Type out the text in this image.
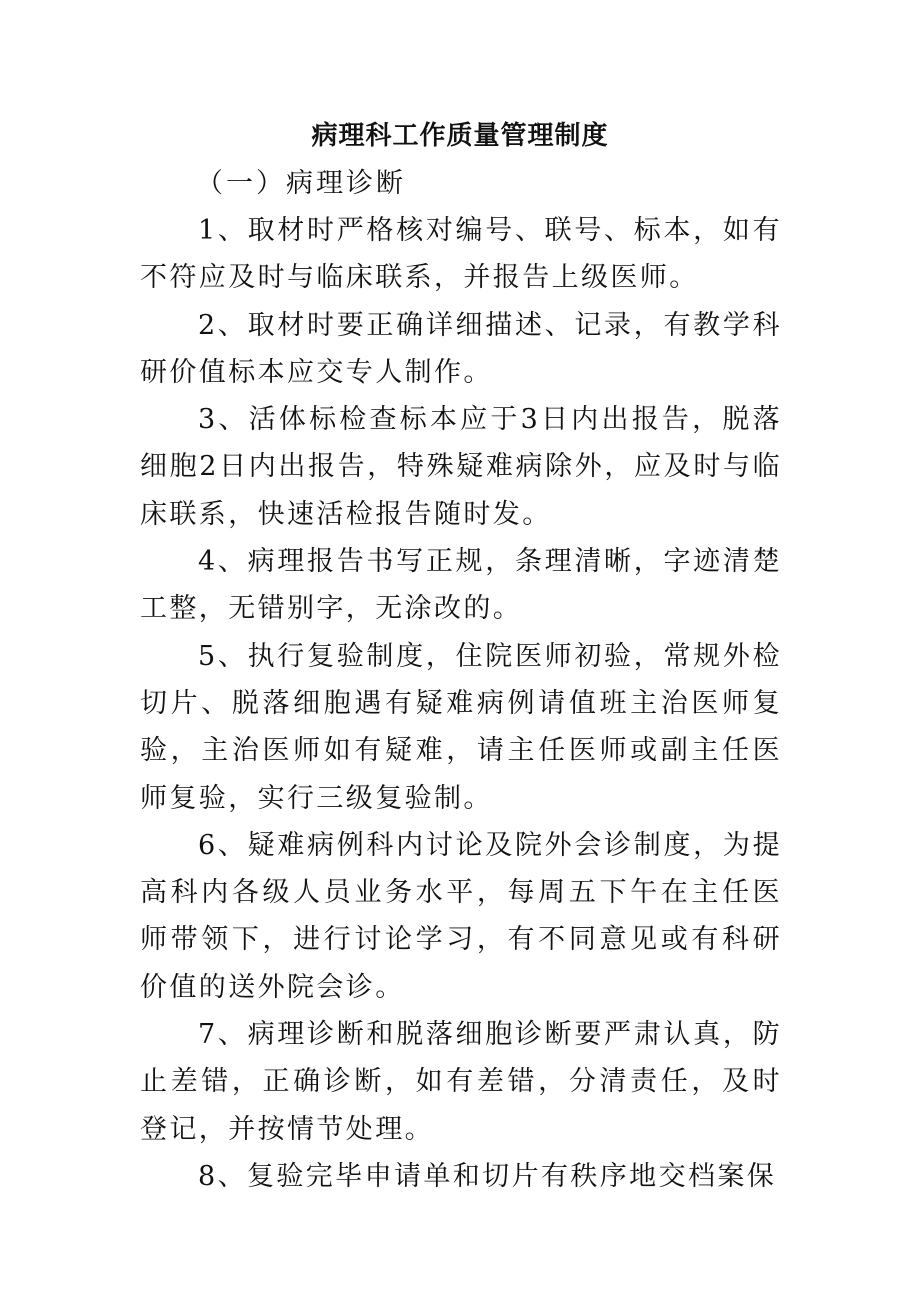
病理科工作质量管理制度
（一）病理诊断

1、取材时严格核对编号、联号、标本，如有不符应及时与临床联系，并报告上级医师。

2、取材时要正确详细描述、记录，有教学科研价值标本应交专人制作。

3、活体标检查标本应于3日内出报告，脱落细胞2日内出报告，特殊疑难病除外，应及时与临床联系，快速活检报告随时发。

4、病理报告书写正规，条理清晰，字迹清楚工整，无错别字，无涂改的。

5、执行复验制度，住院医师初验，常规外检切片、脱落细胞遇有疑难病例请值班主治医师复验，主治医师如有疑难，请主任医师或副主任医师复验，实行三级复验制。

6、疑难病例科内讨论及院外会诊制度，为提高科内各级人员业务水平，每周五下午在主任医师带领下，进行讨论学习，有不同意见或有科研价值的送外院会诊。

7、病理诊断和脱落细胞诊断要严肃认真，防止差错，正确诊断，如有差错，分清责任，及时登记，并按情节处理。

8、复验完毕申请单和切片有秩序地交档案保
